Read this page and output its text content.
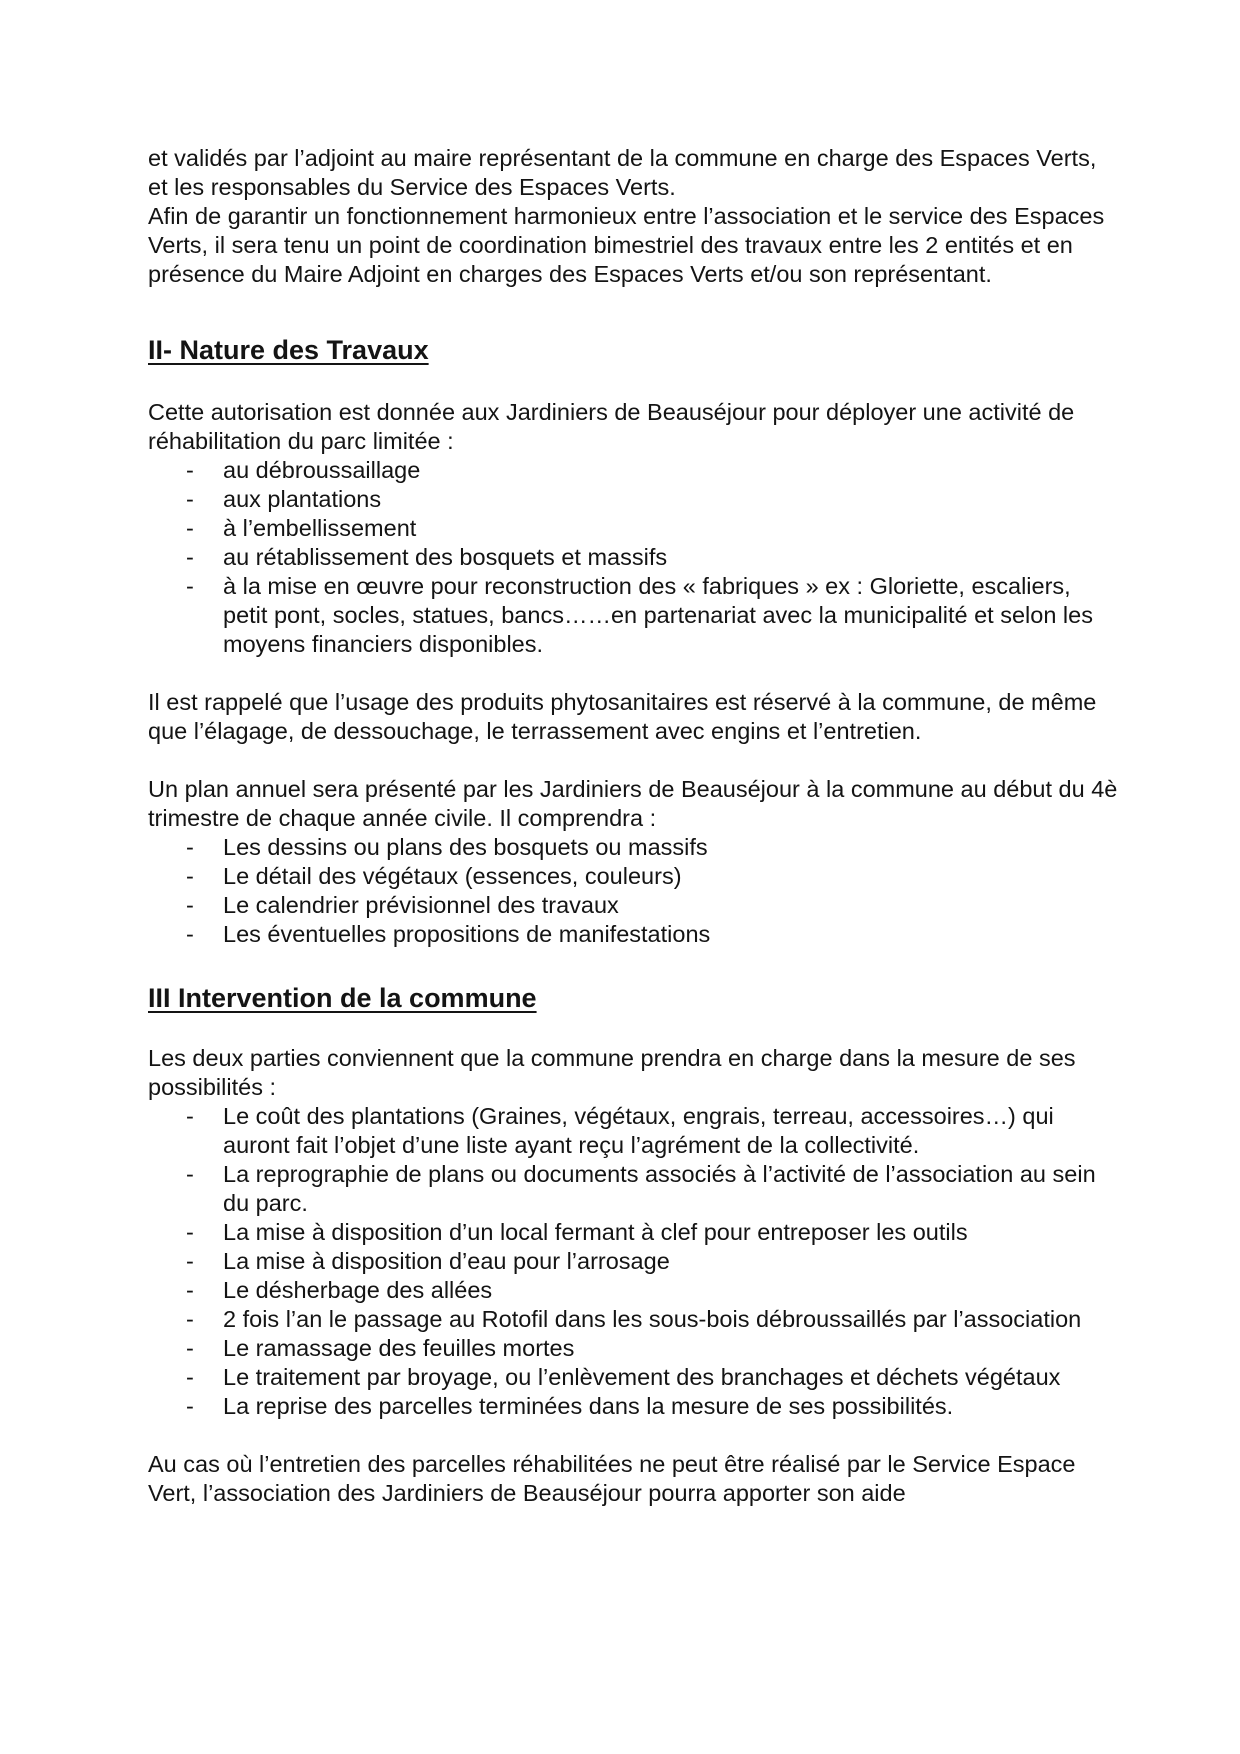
et validés par l’adjoint au maire représentant de la commune en charge des Espaces Verts, et les responsables du Service des Espaces Verts.

Afin de garantir un fonctionnement harmonieux entre l’association et le service des Espaces Verts, il sera tenu un point de coordination bimestriel des travaux entre les 2 entités et en présence du Maire Adjoint en charges des Espaces Verts et/ou son représentant.

II- Nature des Travaux

Cette autorisation est donnée aux Jardiniers de Beauséjour pour déployer une activité de réhabilitation du parc limitée :

- au débroussaillage
- aux plantations
- à l’embellissement
- au rétablissement des bosquets et massifs
- à la mise en œuvre pour reconstruction des « fabriques » ex : Gloriette, escaliers, petit pont, socles, statues, bancs……en partenariat avec la municipalité et selon les moyens financiers disponibles.

Il est rappelé que l’usage des produits phytosanitaires est réservé à la commune, de même que l’élagage, de dessouchage, le terrassement avec engins et l’entretien.

Un plan annuel sera présenté par les Jardiniers de Beauséjour à la commune au début du 4è trimestre de chaque année civile. Il comprendra :

- Les dessins ou plans des bosquets ou massifs
- Le détail des végétaux (essences, couleurs)
- Le calendrier prévisionnel des travaux
- Les éventuelles propositions de manifestations
III Intervention de la commune

Les deux parties conviennent que la commune prendra en charge dans la mesure de ses possibilités :

- Le coût des plantations (Graines, végétaux, engrais, terreau, accessoires…) qui auront fait l’objet d’une liste ayant reçu l’agrément de la collectivité.
- La reprographie de plans ou documents associés à l’activité de l’association au sein du parc.
- La mise à disposition d’un local fermant à clef pour entreposer les outils
- La mise à disposition d’eau pour l’arrosage
- Le désherbage des allées
- 2 fois l’an le passage au Rotofil dans les sous-bois débroussaillés par l’association
- Le ramassage des feuilles mortes
- Le traitement par broyage, ou l’enlèvement des branchages et déchets végétaux
- La reprise des parcelles terminées dans la mesure de ses possibilités.

Au cas où l’entretien des parcelles réhabilitées ne peut être réalisé par le Service Espace Vert, l’association des Jardiniers de Beauséjour pourra apporter son aide
